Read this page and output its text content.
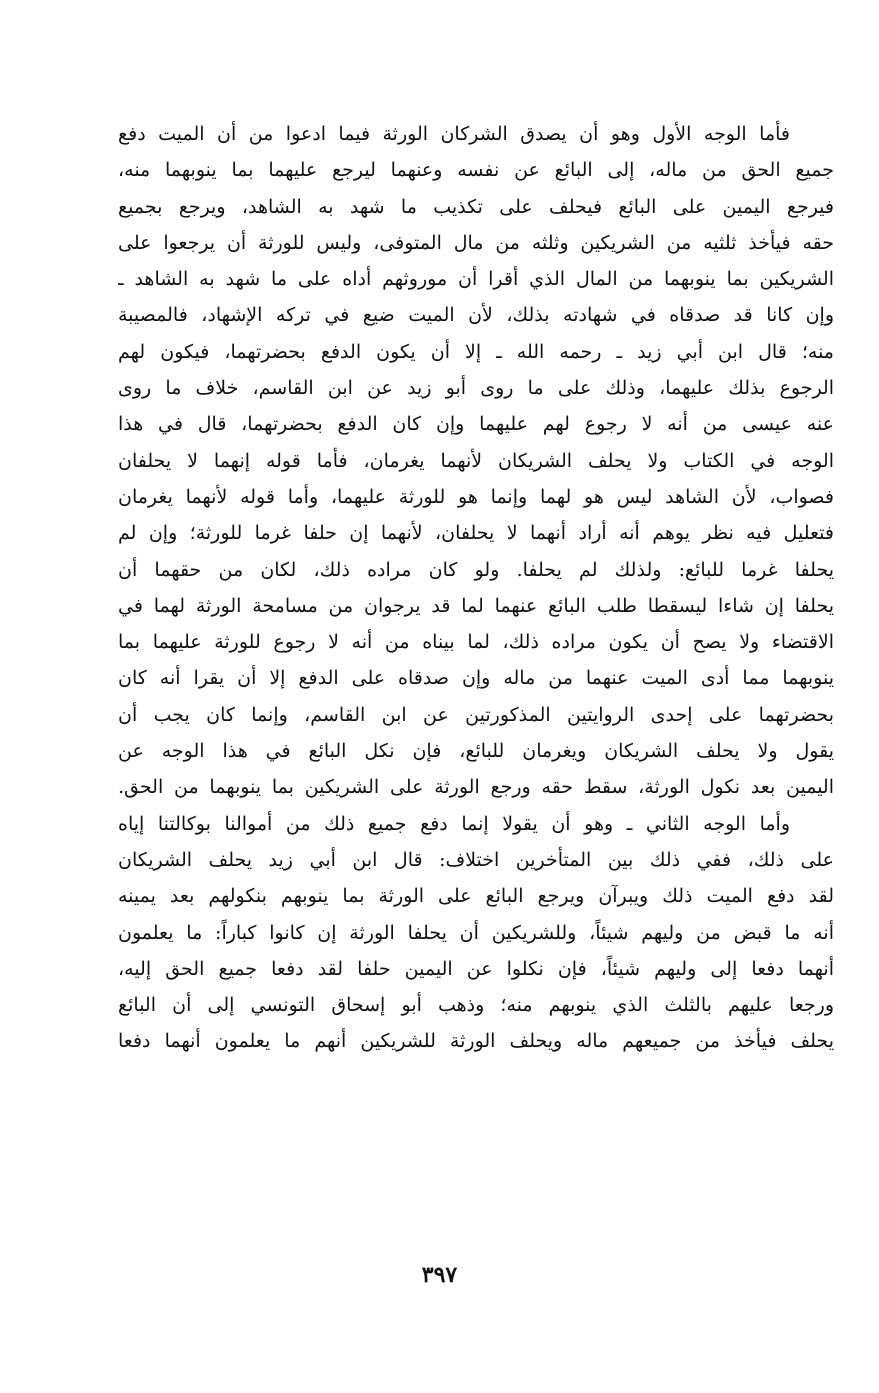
فأما الوجه الأول وهو أن يصدق الشركان الورثة فيما ادعوا من أن الميت دفع
جميع الحق من ماله، إلى البائع عن نفسه وعنهما ليرجع عليهما بما ينوبهما منه،
فيرجع اليمين على البائع فيحلف على تكذيب ما شهد به الشاهد، ويرجع بجميع
حقه فيأخذ ثلثيه من الشريكين وثلثه من مال المتوفى، وليس للورثة أن يرجعوا على
الشريكين بما ينوبهما من المال الذي أقرا أن موروثهم أداه على ما شهد به الشاهد ـ
وإن كانا قد صدقاه في شهادته بذلك، لأن الميت ضيع في تركه الإشهاد، فالمصيبة
منه؛ قال ابن أبي زيد ـ رحمه الله ـ إلا أن يكون الدفع بحضرتهما، فيكون لهم
الرجوع بذلك عليهما، وذلك على ما روى أبو زيد عن ابن القاسم، خلاف ما روى
عنه عيسى من أنه لا رجوع لهم عليهما وإن كان الدفع بحضرتهما، قال في هذا
الوجه في الكتاب ولا يحلف الشريكان لأنهما يغرمان، فأما قوله إنهما لا يحلفان
فصواب، لأن الشاهد ليس هو لهما وإنما هو للورثة عليهما، وأما قوله لأنهما يغرمان
فتعليل فيه نظر يوهم أنه أراد أنهما لا يحلفان، لأنهما إن حلفا غرما للورثة؛ وإن لم
يحلفا غرما للبائع: ولذلك لم يحلفا. ولو كان مراده ذلك، لكان من حقهما أن
يحلفا إن شاءا ليسقطا طلب البائع عنهما لما قد يرجوان من مسامحة الورثة لهما في
الاقتضاء ولا يصح أن يكون مراده ذلك، لما بيناه من أنه لا رجوع للورثة عليهما بما
ينوبهما مما أدى الميت عنهما من ماله وإن صدقاه على الدفع إلا أن يقرا أنه كان
بحضرتهما على إحدى الروايتين المذكورتين عن ابن القاسم، وإنما كان يجب أن
يقول ولا يحلف الشريكان ويغرمان للبائع، فإن نكل البائع في هذا الوجه عن
اليمين بعد نكول الورثة، سقط حقه ورجع الورثة على الشريكين بما ينوبهما من الحق.
وأما الوجه الثاني ـ وهو أن يقولا إنما دفع جميع ذلك من أموالنا بوكالتنا إياه
على ذلك، ففي ذلك بين المتأخرين اختلاف: قال ابن أبي زيد يحلف الشريكان
لقد دفع الميت ذلك ويبرآن ويرجع البائع على الورثة بما ينوبهم بنكولهم بعد يمينه
أنه ما قبض من وليهم شيئاً، وللشريكين أن يحلفا الورثة إن كانوا كباراً: ما يعلمون
أنهما دفعا إلى وليهم شيئاً، فإن نكلوا عن اليمين حلفا لقد دفعا جميع الحق إليه،
ورجعا عليهم بالثلث الذي ينوبهم منه؛ وذهب أبو إسحاق التونسي إلى أن البائع
يحلف فيأخذ من جميعهم ماله ويحلف الورثة للشريكين أنهم ما يعلمون أنهما دفعا
٣٩٧
